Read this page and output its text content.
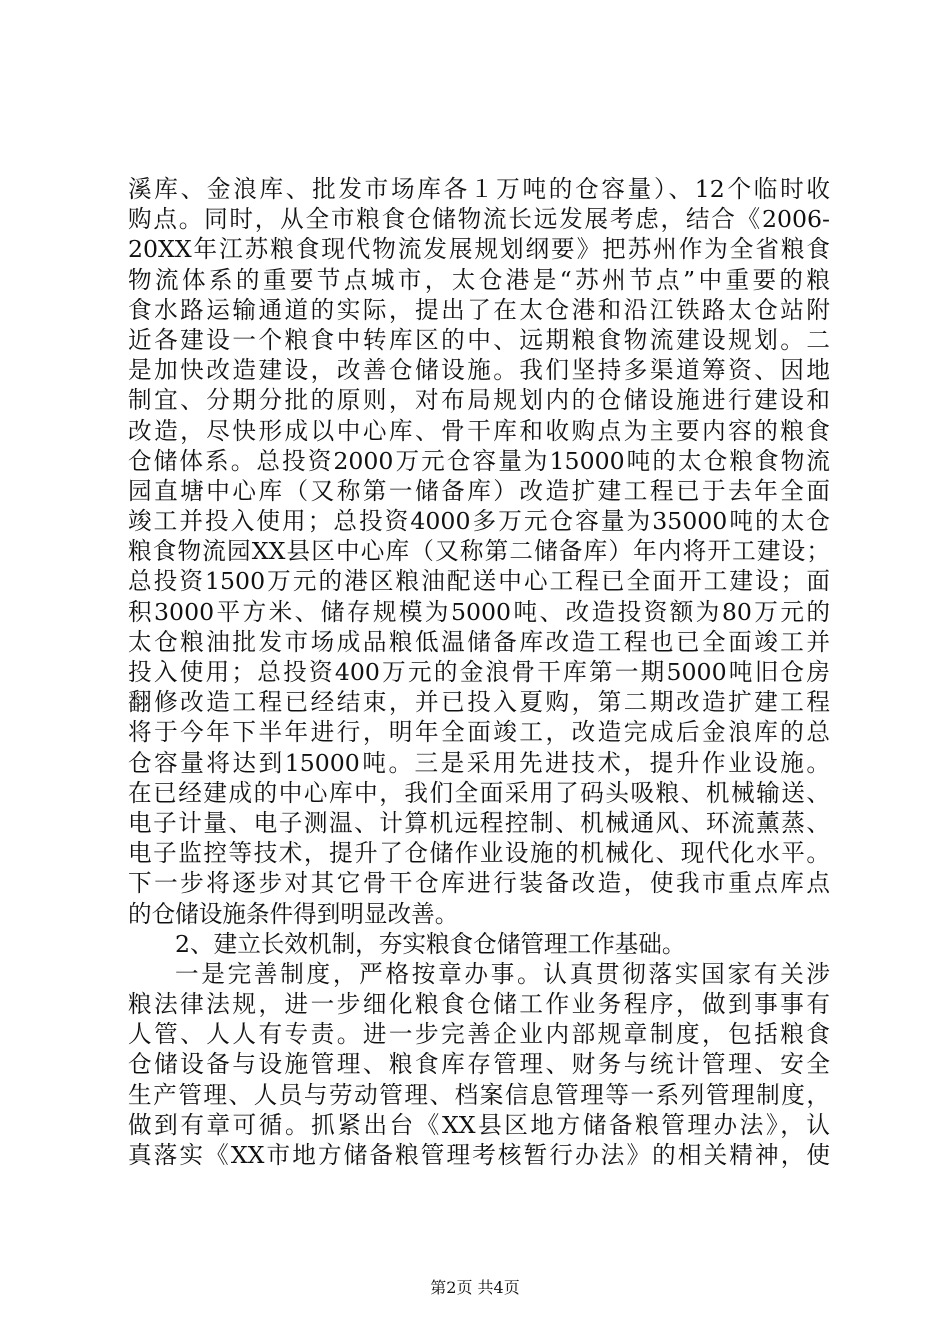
溪库、金浪库、批发市场库各１万吨的仓容量）、12个临时收
购点。同时，从全市粮食仓储物流长远发展考虑，结合《2006-
20XX年江苏粮食现代物流发展规划纲要》把苏州作为全省粮食
物流体系的重要节点城市，太仓港是“苏州节点”中重要的粮
食水路运输通道的实际，提出了在太仓港和沿江铁路太仓站附
近各建设一个粮食中转库区的中、远期粮食物流建设规划。二
是加快改造建设，改善仓储设施。我们坚持多渠道筹资、因地
制宜、分期分批的原则，对布局规划内的仓储设施进行建设和
改造，尽快形成以中心库、骨干库和收购点为主要内容的粮食
仓储体系。总投资2000万元仓容量为15000吨的太仓粮食物流
园直塘中心库（又称第一储备库）改造扩建工程已于去年全面
竣工并投入使用；总投资4000多万元仓容量为35000吨的太仓
粮食物流园XX县区中心库（又称第二储备库）年内将开工建设；
总投资1500万元的港区粮油配送中心工程已全面开工建设；面
积3000平方米、储存规模为5000吨、改造投资额为80万元的
太仓粮油批发市场成品粮低温储备库改造工程也已全面竣工并
投入使用；总投资400万元的金浪骨干库第一期5000吨旧仓房
翻修改造工程已经结束，并已投入夏购，第二期改造扩建工程
将于今年下半年进行，明年全面竣工，改造完成后金浪库的总
仓容量将达到15000吨。三是采用先进技术，提升作业设施。
在已经建成的中心库中，我们全面采用了码头吸粮、机械输送、
电子计量、电子测温、计算机远程控制、机械通风、环流薰蒸、
电子监控等技术，提升了仓储作业设施的机械化、现代化水平。
下一步将逐步对其它骨干仓库进行装备改造，使我市重点库点
的仓储设施条件得到明显改善。
2、建立长效机制，夯实粮食仓储管理工作基础。
一是完善制度，严格按章办事。认真贯彻落实国家有关涉
粮法律法规，进一步细化粮食仓储工作业务程序，做到事事有
人管、人人有专责。进一步完善企业内部规章制度，包括粮食
仓储设备与设施管理、粮食库存管理、财务与统计管理、安全
生产管理、人员与劳动管理、档案信息管理等一系列管理制度，
做到有章可循。抓紧出台《XX县区地方储备粮管理办法》，认
真落实《XX市地方储备粮管理考核暂行办法》的相关精神，使
第2页 共4页
